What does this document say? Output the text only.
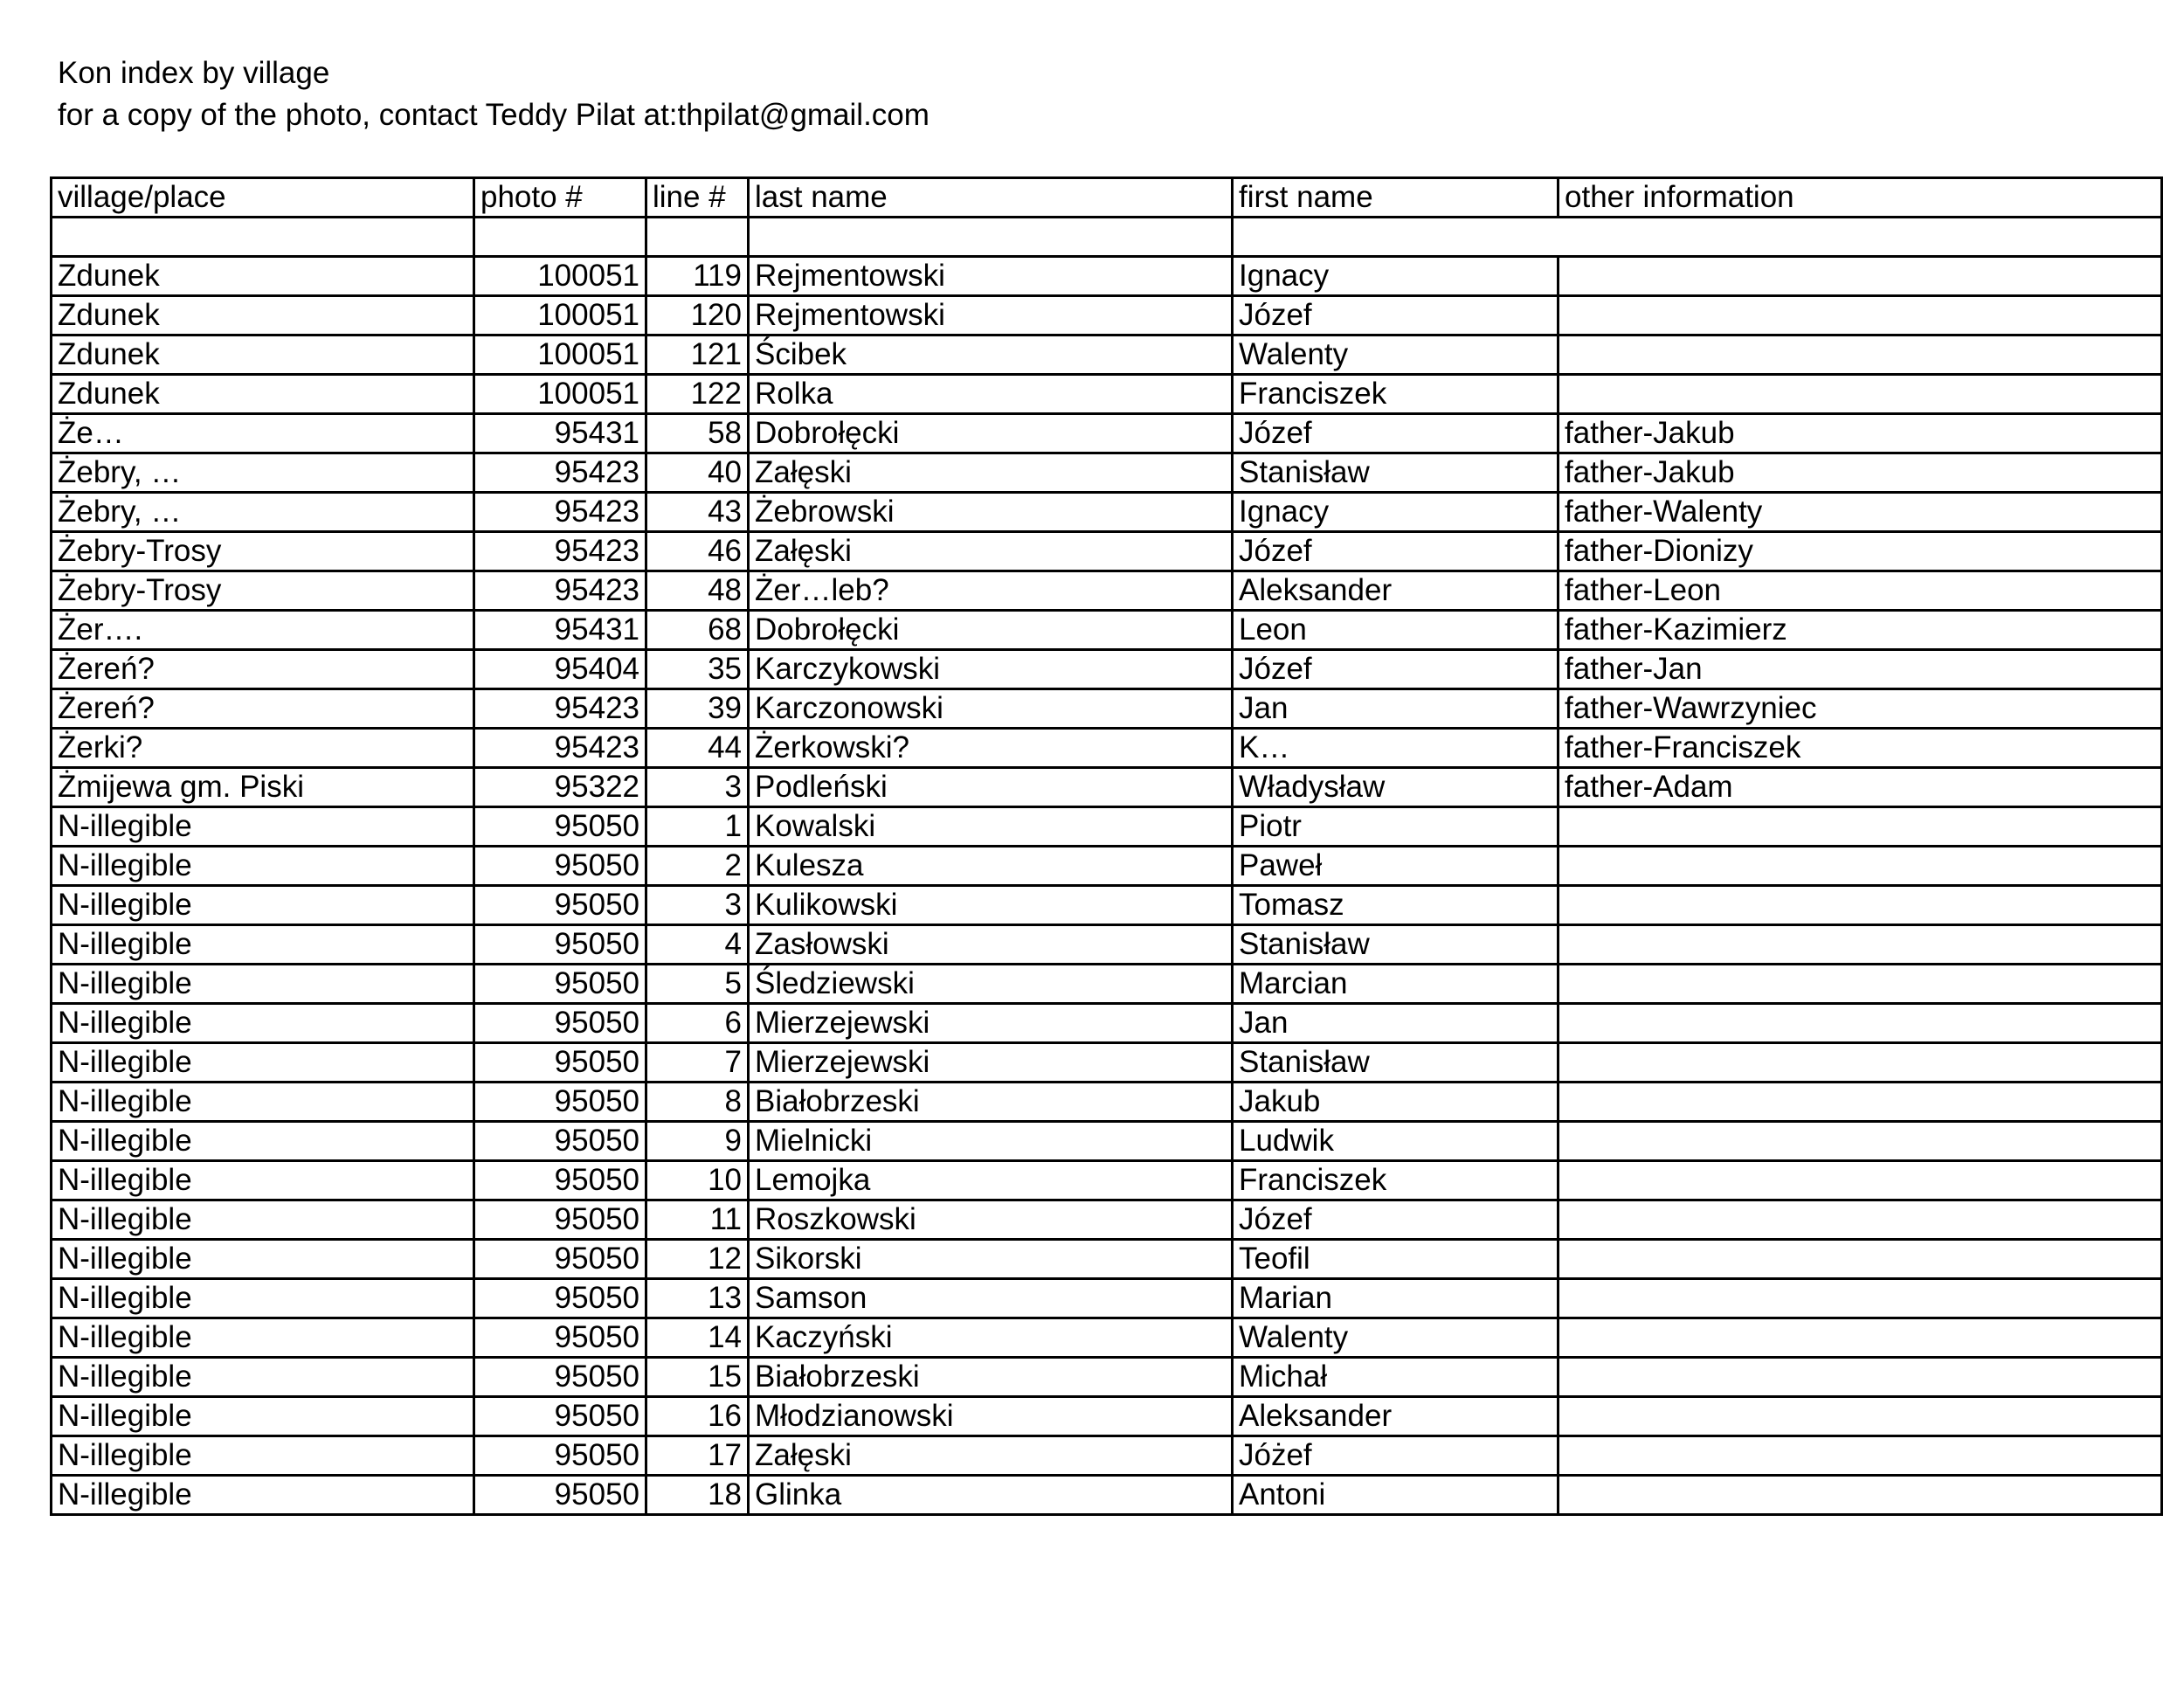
Kon index by village
for a copy of the photo, contact Teddy Pilat at:thpilat@gmail.com
village/place	photo #	line #	last name	first name	other information

Zdunek	100051	119	Rejmentowski	Ignacy	
Zdunek	100051	120	Rejmentowski	Józef	
Zdunek	100051	121	Ścibek	Walenty	
Zdunek	100051	122	Rolka	Franciszek	
Że…	95431	58	Dobrołęcki	Józef	father-Jakub
Żebry, …	95423	40	Załęski	Stanisław	father-Jakub
Żebry, …	95423	43	Żebrowski	Ignacy	father-Walenty
Żebry-Trosy	95423	46	Załęski	Józef	father-Dionizy
Żebry-Trosy	95423	48	Żer…leb?	Aleksander	father-Leon
Żer….	95431	68	Dobrołęcki	Leon	father-Kazimierz
Żereń?	95404	35	Karczykowski	Józef	father-Jan
Żereń?	95423	39	Karczonowski	Jan	father-Wawrzyniec
Żerki?	95423	44	Żerkowski?	K…	father-Franciszek
Żmijewa gm. Piski	95322	3	Podleński	Władysław	father-Adam
N-illegible	95050	1	Kowalski	Piotr	
N-illegible	95050	2	Kulesza	Paweł	
N-illegible	95050	3	Kulikowski	Tomasz	
N-illegible	95050	4	Zasłowski	Stanisław	
N-illegible	95050	5	Śledziewski	Marcian	
N-illegible	95050	6	Mierzejewski	Jan	
N-illegible	95050	7	Mierzejewski	Stanisław	
N-illegible	95050	8	Białobrzeski	Jakub	
N-illegible	95050	9	Mielnicki	Ludwik	
N-illegible	95050	10	Lemojka	Franciszek	
N-illegible	95050	11	Roszkowski	Józef	
N-illegible	95050	12	Sikorski	Teofil	
N-illegible	95050	13	Samson	Marian	
N-illegible	95050	14	Kaczyński	Walenty	
N-illegible	95050	15	Białobrzeski	Michał	
N-illegible	95050	16	Młodzianowski	Aleksander	
N-illegible	95050	17	Załęski	Jóżef	
N-illegible	95050	18	Glinka	Antoni	
